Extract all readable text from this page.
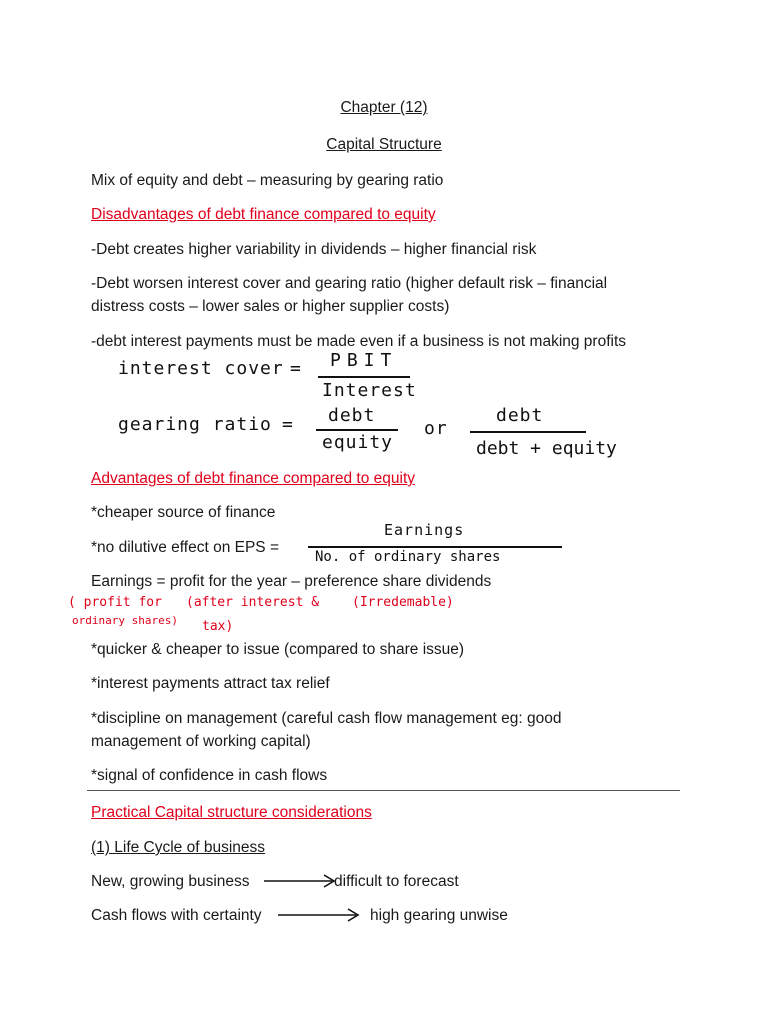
Chapter (12)
Capital Structure
Mix of equity and debt – measuring by gearing ratio
Disadvantages of debt finance compared to equity
-Debt creates higher variability in dividends – higher financial risk
-Debt worsen interest cover and gearing ratio (higher default risk – financial
distress costs – lower sales or higher supplier costs)
-debt interest payments must be made even if a business is not making profits
interest cover = PBIT
Interest
gearing ratio = debt
equity
or
debt
debt + equity
Advantages of debt finance compared to equity
*cheaper source of finance
*no dilutive effect on EPS =
Earnings
No. of ordinary shares
Earnings = profit for the year – preference share dividends
( profit for
ordinary shares)
(after interest &
tax)
(Irredemable)
*quicker & cheaper to issue (compared to share issue)
*interest payments attract tax relief
*discipline on management (careful cash flow management eg: good
management of working capital)
*signal of confidence in cash flows
Practical Capital structure considerations
(1) Life Cycle of business
New, growing business	difficult to forecast
Cash flows with certainty	high gearing unwise
